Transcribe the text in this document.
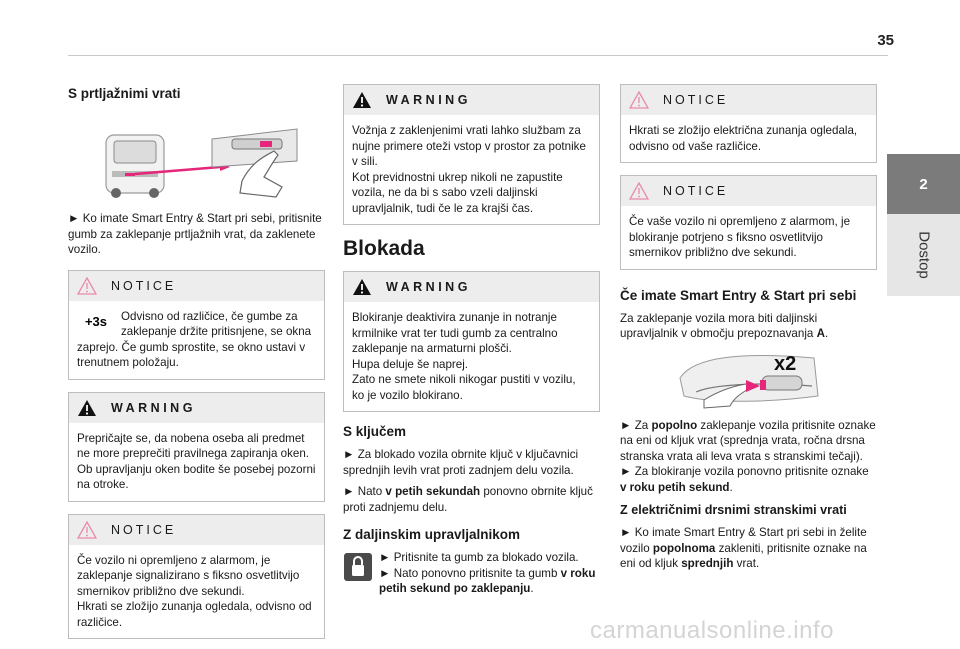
35
2
Dostop
S prtljažnimi vrati

► Ko imate Smart Entry & Start pri sebi, pritisnite gumb za zaklepanje prtljažnih vrat, da zaklenete vozilo.

NOTICE
+3s	Odvisno od različice, če gumbe za zaklepanje držite pritisnjene, se okna zaprejo. Če gumb sprostite, se okno ustavi v trenutnem položaju.
WARNING
Prepričajte se, da nobena oseba ali predmet ne more preprečiti pravilnega zapiranja oken. Ob upravljanju oken bodite še posebej pozorni na otroke.
NOTICE
Če vozilo ni opremljeno z alarmom, je zaklepanje signalizirano s fiksno osvetlitvijo smernikov približno dve sekundi.
Hkrati se zložijo zunanja ogledala, odvisno od različice.
WARNING
Vožnja z zaklenjenimi vrati lahko službam za nujne primere oteži vstop v prostor za potnike v sili.
Kot previdnostni ukrep nikoli ne zapustite vozila, ne da bi s sabo vzeli daljinski upravljalnik, tudi če le za krajši čas.
Blokada
WARNING
Blokiranje deaktivira zunanje in notranje krmilnike vrat ter tudi gumb za centralno zaklepanje na armaturni plošči.
Hupa deluje še naprej.
Zato ne smete nikoli nikogar pustiti v vozilu, ko je vozilo blokirano.
S ključem

► Za blokado vozila obrnite ključ v ključavnici sprednjih levih vrat proti zadnjem delu vozila.

► Nato v petih sekundah ponovno obrnite ključ proti zadnjemu delu.

Z daljinskim upravljalnikom

► Pritisnite ta gumb za blokado vozila.
► Nato ponovno pritisnite ta gumb v roku petih sekund po zaklepanju.

NOTICE
Hkrati se zložijo električna zunanja ogledala, odvisno od vaše različice.
NOTICE
Če vaše vozilo ni opremljeno z alarmom, je blokiranje potrjeno s fiksno osvetlitvijo smernikov približno dve sekundi.
Če imate Smart Entry & Start pri sebi

Za zaklepanje vozila mora biti daljinski upravljalnik v območju prepoznavanja A.

x2

► Za popolno zaklepanje vozila pritisnite oznake na eni od kljuk vrat (sprednja vrata, ročna drsna stranska vrata ali leva vrata s stranskimi tečaji).

► Za blokiranje vozila ponovno pritisnite oznake v roku petih sekund.

Z električnimi drsnimi stranskimi vrati

► Ko imate Smart Entry & Start pri sebi in želite vozilo popolnoma zakleniti, pritisnite oznake na eni od kljuk sprednjih vrat.

carmanualsonline.info
